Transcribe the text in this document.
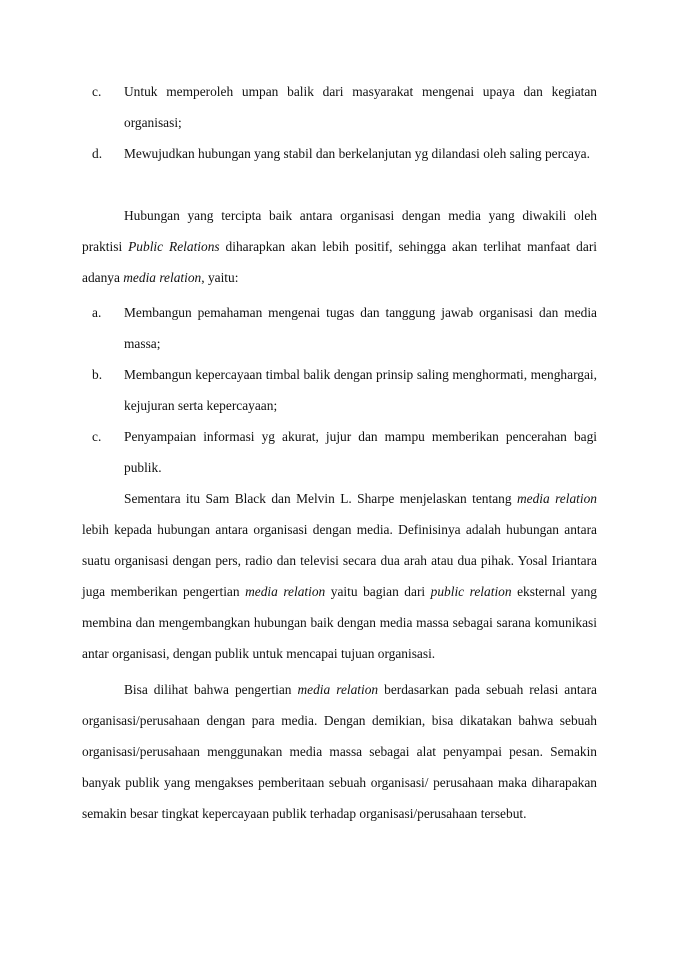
c. Untuk memperoleh umpan balik dari masyarakat mengenai upaya dan kegiatan organisasi;
d. Mewujudkan hubungan yang stabil dan berkelanjutan yg dilandasi oleh saling percaya.
Hubungan yang tercipta baik antara organisasi dengan media yang diwakili oleh praktisi Public Relations diharapkan akan lebih positif, sehingga akan terlihat manfaat dari adanya media relation, yaitu:
a. Membangun pemahaman mengenai tugas dan tanggung jawab organisasi dan media massa;
b. Membangun kepercayaan timbal balik dengan prinsip saling menghormati, menghargai, kejujuran serta kepercayaan;
c. Penyampaian informasi yg akurat, jujur dan mampu memberikan pencerahan bagi publik.
Sementara itu Sam Black dan Melvin L. Sharpe menjelaskan tentang media relation lebih kepada hubungan antara organisasi dengan media. Definisinya adalah hubungan antara suatu organisasi dengan pers, radio dan televisi secara dua arah atau dua pihak. Yosal Iriantara juga memberikan pengertian media relation yaitu bagian dari public relation eksternal yang membina dan mengembangkan hubungan baik dengan media massa sebagai sarana komunikasi antar organisasi, dengan publik untuk mencapai tujuan organisasi.
Bisa dilihat bahwa pengertian media relation berdasarkan pada sebuah relasi antara organisasi/perusahaan dengan para media. Dengan demikian, bisa dikatakan bahwa sebuah organisasi/perusahaan menggunakan media massa sebagai alat penyampai pesan. Semakin banyak publik yang mengakses pemberitaan sebuah organisasi/ perusahaan maka diharapakan semakin besar tingkat kepercayaan publik terhadap organisasi/perusahaan tersebut.
